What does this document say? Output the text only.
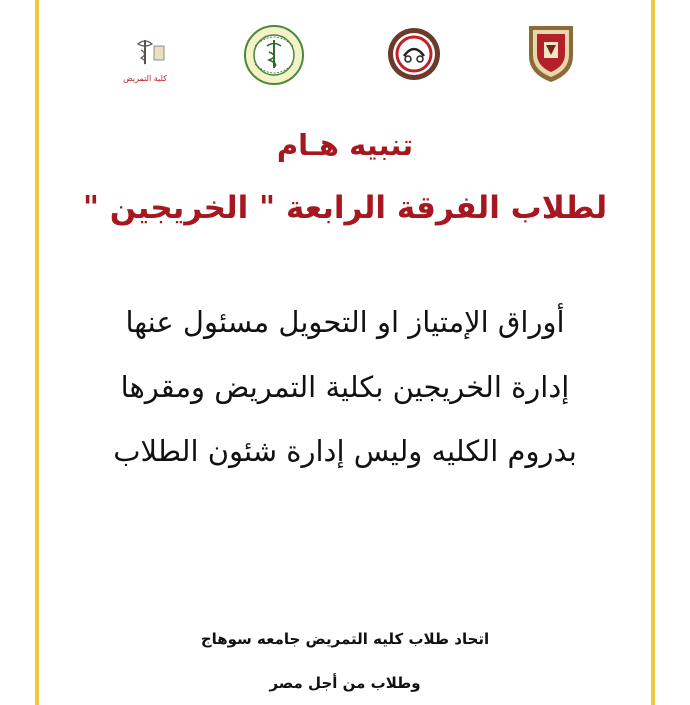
كلية التمريض
تنبيه هـام
لطلاب الفرقة الرابعة " الخريجين "
أوراق الإمتياز او التحويل مسئول عنها
إدارة الخريجين بكلية التمريض ومقرها
بدروم الكليه وليس إدارة شئون الطلاب
اتحاد طلاب كليه التمريض جامعه سوهاج
وطلاب من أجل مصر
